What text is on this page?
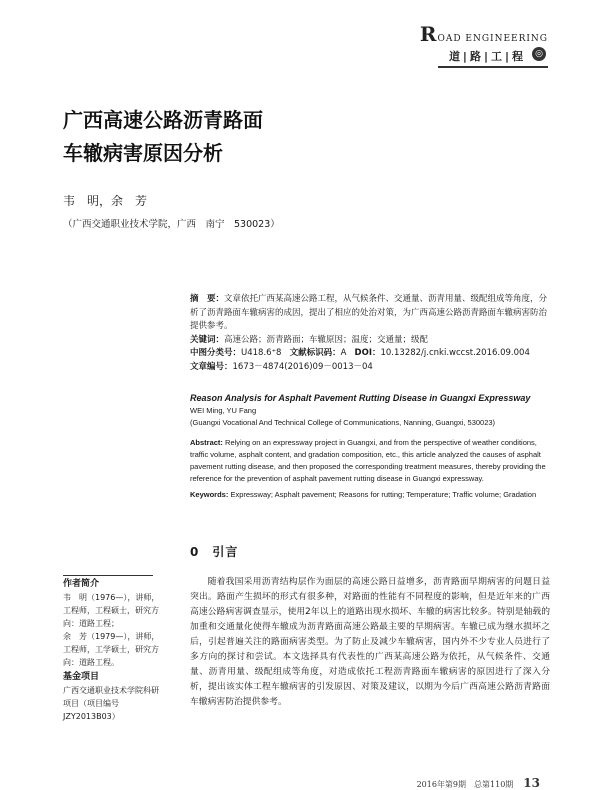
ROAD ENGINEERING
道|路|工|程	◎
广西高速公路沥青路面
车辙病害原因分析
韦　明，余　芳
（广西交通职业技术学院，广西　南宁　530023）

摘　要：文章依托广西某高速公路工程，从气候条件、交通量、沥青用量、级配组成等角度，分析了沥青路面车辙病害的成因，提出了相应的处治对策，为广西高速公路沥青路面车辙病害防治提供参考。

关键词：高速公路；沥青路面；车辙原因；温度；交通量；级配

中图分类号：U418.6⁺8 文献标识码：A DOI：10.13282/j.cnki.wccst.2016.09.004

文章编号：1673－4874(2016)09－0013－04

Reason Analysis for Asphalt Pavement Rutting Disease in Guangxi Expressway

WEI Ming, YU Fang

(Guangxi Vocational And Technical College of Communications, Nanning, Guangxi, 530023)

Abstract: Relying on an expressway project in Guangxi, and from the perspective of weather conditions, traffic volume, asphalt content, and gradation composition, etc., this article analyzed the causes of asphalt pavement rutting disease, and then proposed the corresponding treatment measures, thereby providing the reference for the prevention of asphalt pavement rutting disease in Guangxi expressway.

Keywords: Expressway; Asphalt pavement; Reasons for rutting; Temperature; Traffic volume; Gradation

0　引言
作者简介

韦　明（1976—），讲师，工程师，工程硕士，研究方向：道路工程；

余　芳（1979—），讲师，工程师，工学硕士，研究方向：道路工程。

基金项目

广西交通职业技术学院科研项目（项目编号JZY2013B03）

随着我国采用沥青结构层作为面层的高速公路日益增多，沥青路面早期病害的问题日益突出。路面产生损坏的形式有很多种，对路面的性能有不同程度的影响，但是近年来的广西高速公路病害调查显示，使用2年以上的道路出现水损坏、车辙的病害比较多。特别是轴载的加重和交通量化使得车辙成为沥青路面高速公路最主要的早期病害。车辙已成为继水损坏之后，引起普遍关注的路面病害类型。为了防止及减少车辙病害，国内外不少专业人员进行了多方向的探讨和尝试。本文选择具有代表性的广西某高速公路为依托，从气候条件、交通量、沥青用量、级配组成等角度，对造成依托工程沥青路面车辙病害的原因进行了深入分析，提出该实体工程车辙病害的引发原因、对策及建议，以期为今后广西高速公路沥青路面车辙病害防治提供参考。

2016年第9期　总第110期 13
